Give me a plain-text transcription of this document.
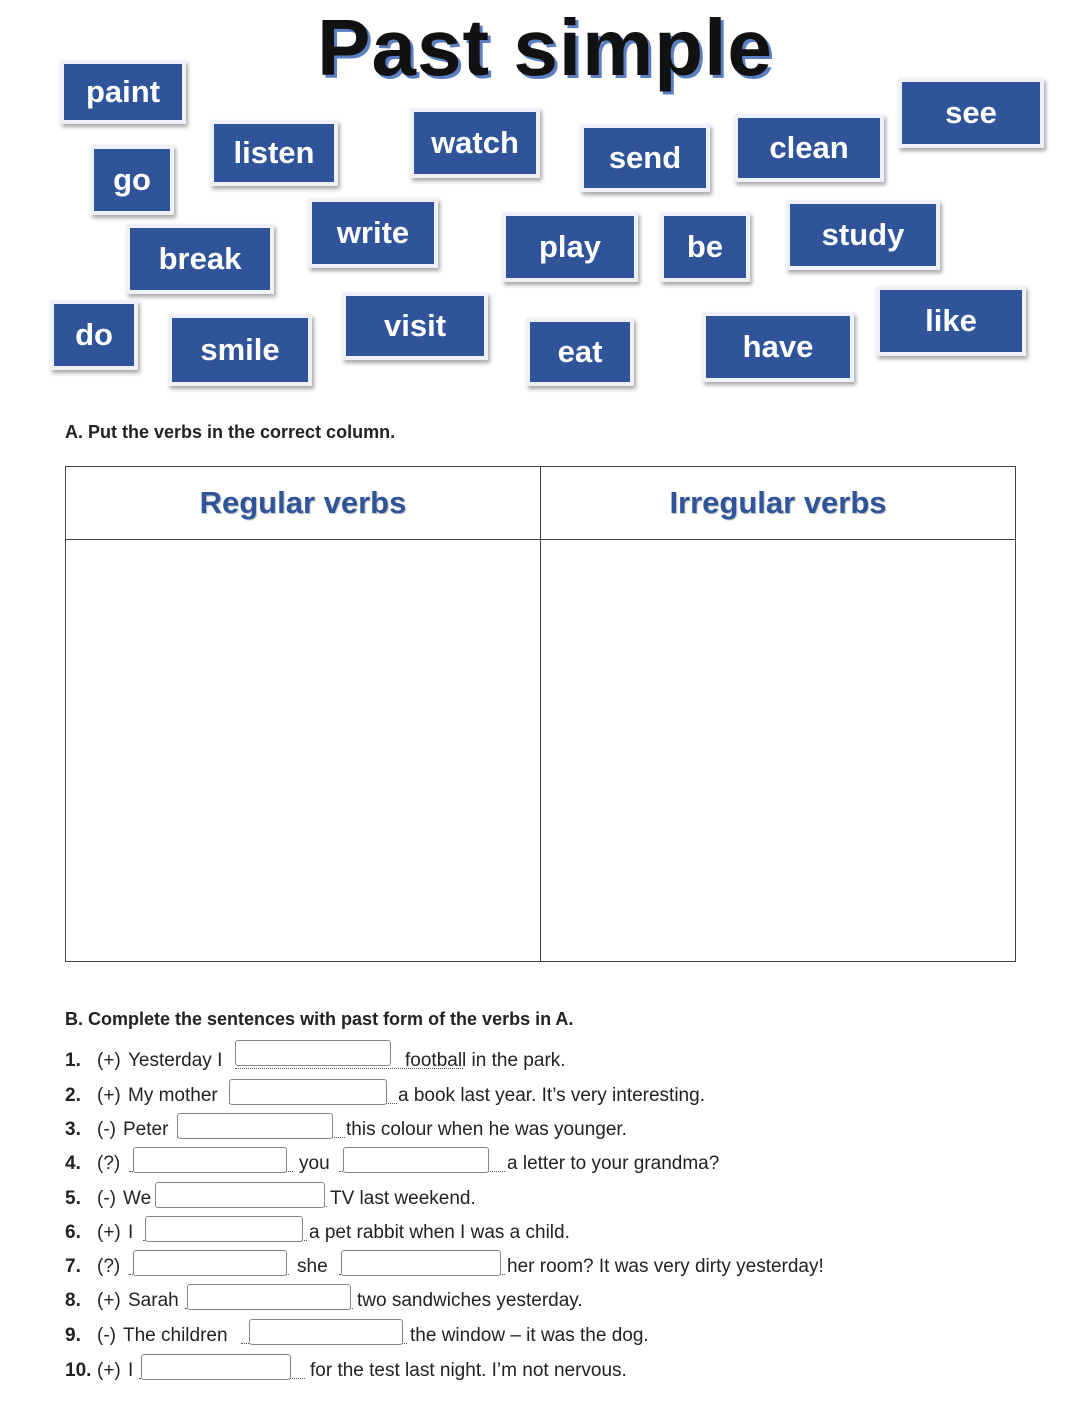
Past simple
paint
listen	watch	send	clean
see
go
write	play	be	study
break
visit
eat	have
like
do	smile
A. Put the verbs in the correct column.
Regular verbs	Irregular verbs
B. Complete the sentences with past form of the verbs in A.
1. (+) Yesterday I	football in the park.
2. (+) My mother	a book last year. It’s very interesting.
3. (-) Peter	this colour when he was younger.
4. (?)	you	a letter to your grandma?
5. (-) We	TV last weekend.
6. (+) I	a pet rabbit when I was a child.
7. (?)	she	her room? It was very dirty yesterday!
8. (+) Sarah	two sandwiches yesterday.
9. (-) The children	the window – it was the dog.
10. (+) I	for the test last night. I’m not nervous.
